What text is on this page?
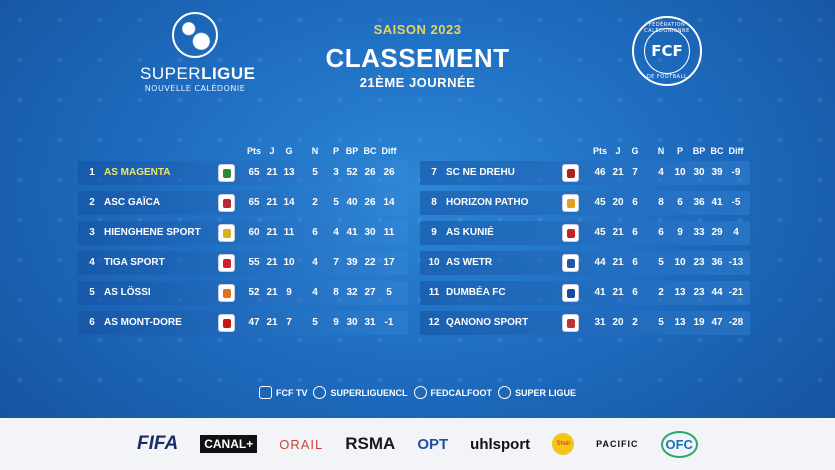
SUPERLIGUE
NOUVELLE CALÉDONIE
SAISON 2023
CLASSEMENT
21ÈME JOURNÉE
FÉDÉRATION CALÉDONIENNE
FCF
DE FOOTBALL
Pts J	G	N	P BP BC Diff
1 AS MAGENTA	65 21 13	5	3 52 26 26
2 ASC GAÏCA	65 21 14	2	5 40 26 14
3 HIENGHENE SPORT	60 21 11	6	4 41 30 11
4 TIGA SPORT	55 21 10	4	7 39 22 17
5 AS LÖSSI	52 21 9	4	8 32 27	5
6 AS MONT-DORE	47 21 7	5	9 30 31 -1
Pts J	G	N	P	BP BC Diff
7 SC NE DREHU	46 21 7	4	10 30 39 -9
8 HORIZON PATHO	45 20 6	8	6	36 41 -5
9 AS KUNIÉ	45 21 6	6	9	33 29	4
10 AS WETR	44 21 6	5	10 23 36 -13
11 DUMBÉA FC	41 21 6	2	13 23 44 -21
12 QANONO SPORT	31 20 2	5	13 19 47 -28
FCF TV	SUPERLIGUENCL	FEDCALFOOT	SUPER LIGUE
FIFA	CANAL+	ORAIL RSMA OPT uhlsport	Shell	PACIFIC	OFC
